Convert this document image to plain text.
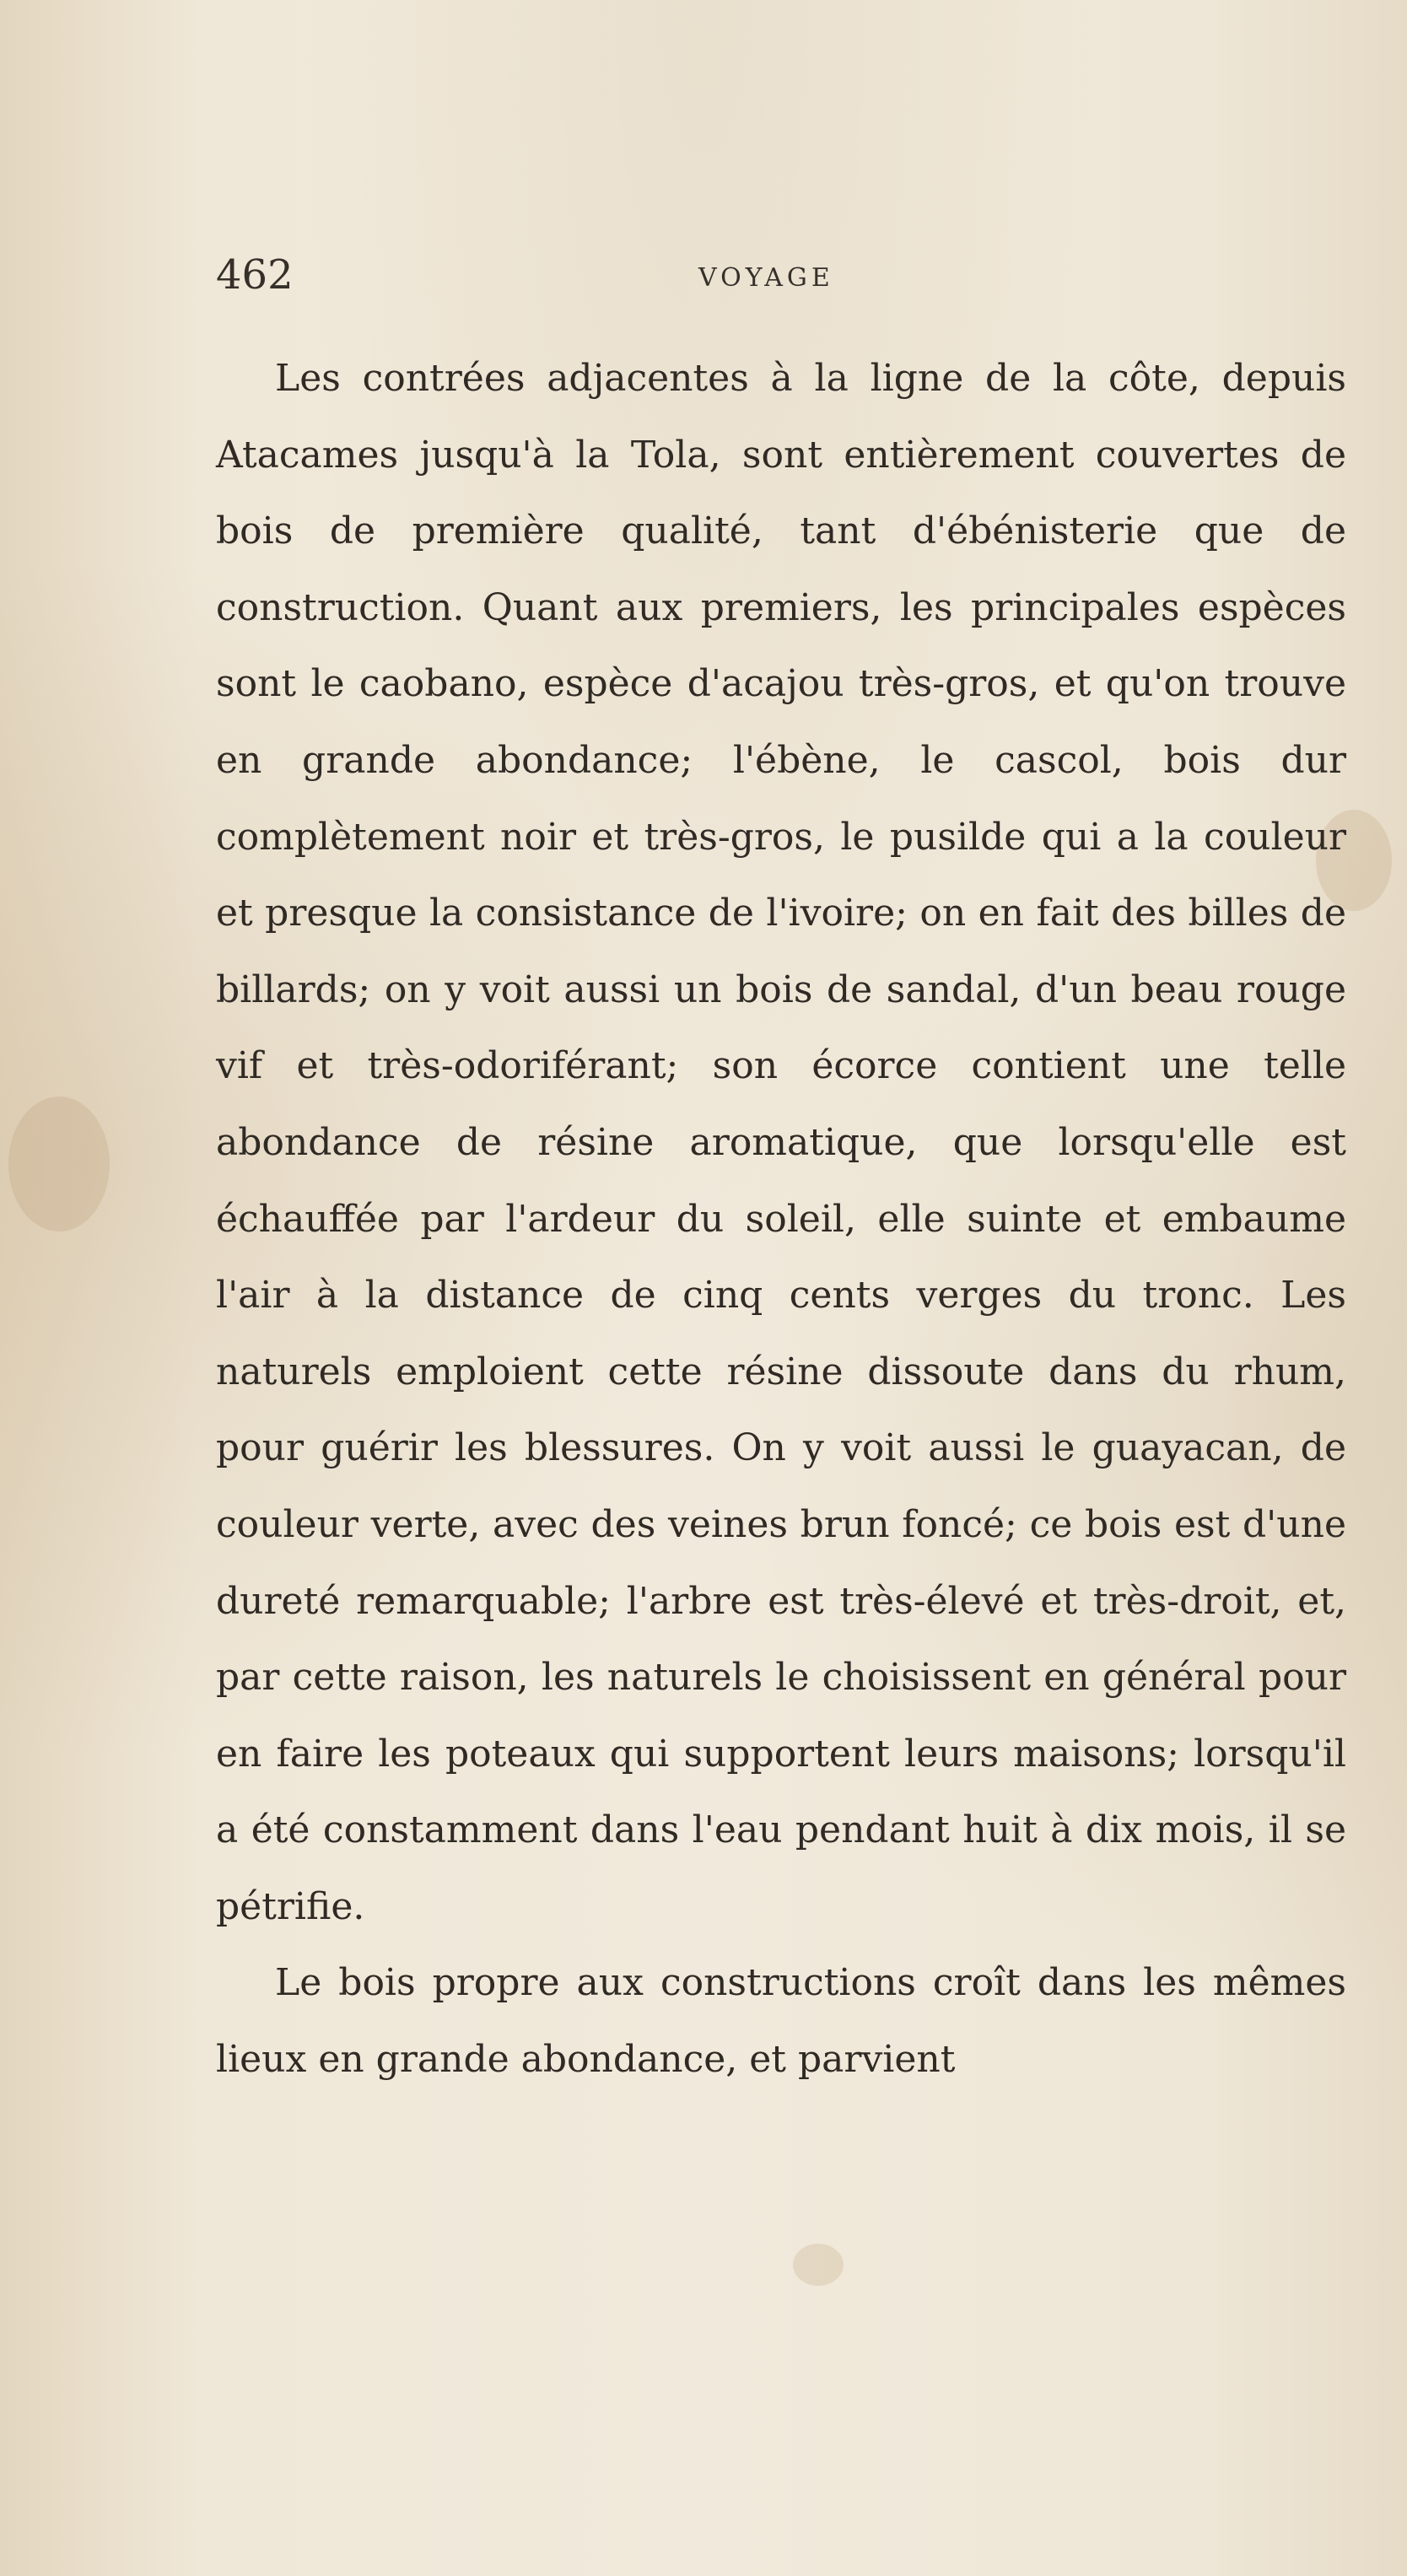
462	VOYAGE

Les contrées adjacentes à la ligne de la côte, depuis Atacames jusqu'à la Tola, sont entièrement couvertes de bois de première qualité, tant d'ébénisterie que de construction. Quant aux premiers, les principales espèces sont le caobano, espèce d'acajou très-gros, et qu'on trouve en grande abondance; l'ébène, le cascol, bois dur complètement noir et très-gros, le pusilde qui a la couleur et presque la consistance de l'ivoire; on en fait des billes de billards; on y voit aussi un bois de sandal, d'un beau rouge vif et très-odoriférant; son écorce contient une telle abondance de résine aromatique, que lorsqu'elle est échauffée par l'ardeur du soleil, elle suinte et embaume l'air à la distance de cinq cents verges du tronc. Les naturels emploient cette résine dissoute dans du rhum, pour guérir les blessures. On y voit aussi le guayacan, de couleur verte, avec des veines brun foncé; ce bois est d'une dureté remarquable; l'arbre est très-élevé et très-droit, et, par cette raison, les naturels le choisissent en général pour en faire les poteaux qui supportent leurs maisons; lorsqu'il a été constamment dans l'eau pendant huit à dix mois, il se pétrifie.

Le bois propre aux constructions croît dans les mêmes lieux en grande abondance, et parvient
